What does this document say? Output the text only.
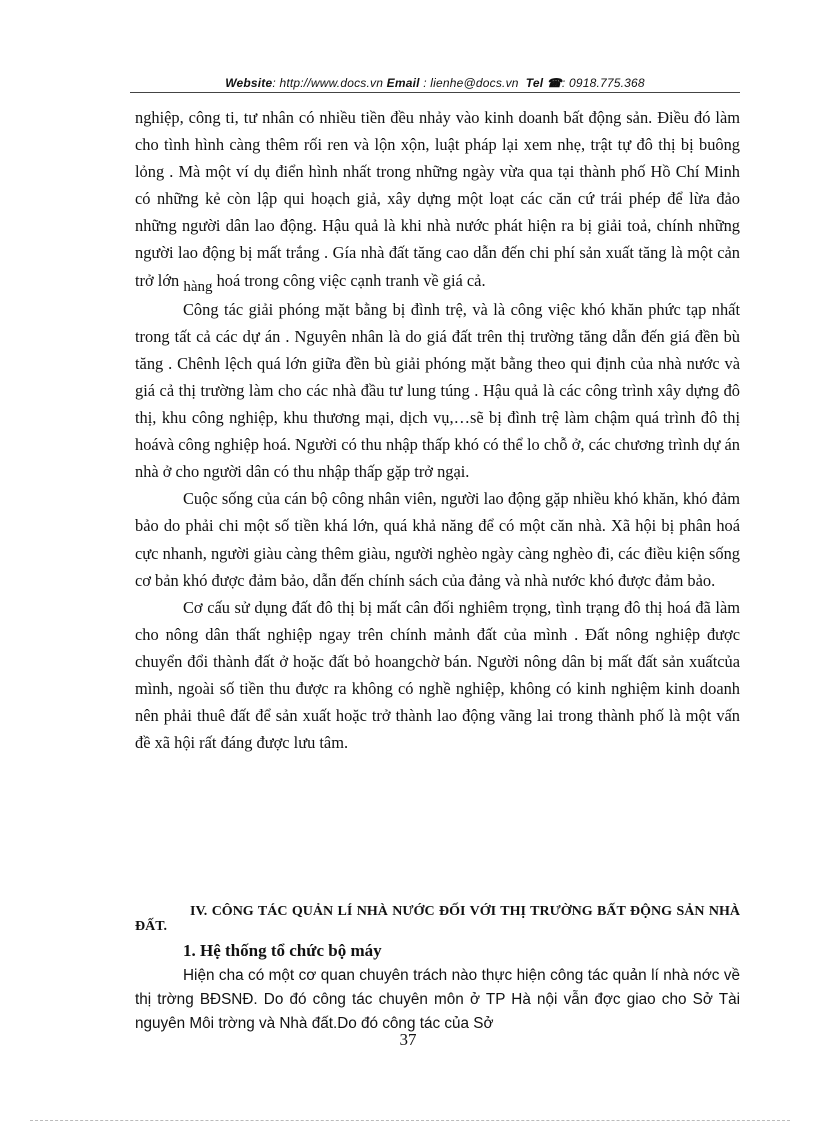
Website: http://www.docs.vn Email : lienhe@docs.vn Tel ☎: 0918.775.368

nghiệp, công ti, tư nhân có nhiều tiền đều nhảy vào kinh doanh bất động sản. Điều đó làm cho tình hình càng thêm rối ren và lộn xộn, luật pháp lại xem nhẹ, trật tự đô thị bị buông lỏng . Mà một ví dụ điển hình nhất trong những ngày vừa qua tại thành phố Hồ Chí Minh có những kẻ còn lập qui hoạch giả, xây dựng một loạt các căn cứ trái phép để lừa đảo những người dân lao động. Hậu quả là khi nhà nước phát hiện ra bị giải toả, chính những người lao động bị mất trắng . Gía nhà đất tăng cao dẫn đến chi phí sản xuất tăng là một cản trở lớn hàng hoá trong công việc cạnh tranh về giá cả.

Công tác giải phóng mặt bằng bị đình trệ, và là công việc khó khăn phức tạp nhất trong tất cả các dự án . Nguyên nhân là do giá đất trên thị trường tăng dẫn đến giá đền bù tăng . Chênh lệch quá lớn giữa đền bù giải phóng mặt bằng theo qui định của nhà nước và giá cả thị trường làm cho các nhà đầu tư lung túng . Hậu quả là các công trình xây dựng đô thị, khu công nghiệp, khu thương mại, dịch vụ,…sẽ bị đình trệ làm chậm quá trình đô thị hoávà công nghiệp hoá. Người có thu nhập thấp khó có thể lo chỗ ở, các chương trình dự án nhà ở cho người dân có thu nhập thấp gặp trở ngại.

Cuộc sống của cán bộ công nhân viên, người lao động gặp nhiều khó khăn, khó đảm bảo do phải chi một số tiền khá lớn, quá khả năng để có một căn nhà. Xã hội bị phân hoá cực nhanh, người giàu càng thêm giàu, người nghèo ngày càng nghèo đi, các điều kiện sống cơ bản khó được đảm bảo, dẫn đến chính sách của đảng và nhà nước khó được đảm bảo.

Cơ cấu sử dụng đất đô thị bị mất cân đối nghiêm trọng, tình trạng đô thị hoá đã làm cho nông dân thất nghiệp ngay trên chính mảnh đất của mình . Đất nông nghiệp được chuyển đổi thành đất ở hoặc đất bỏ hoangchờ bán. Người nông dân bị mất đất sản xuấtcủa mình, ngoài số tiền thu được ra không có nghề nghiệp, không có kinh nghiệm kinh doanh nên phải thuê đất để sản xuất hoặc trở thành lao động vãng lai trong thành phố là một vấn đề xã hội rất đáng được lưu tâm.

IV. CÔNG TÁC QUẢN LÍ NHÀ NƯỚC ĐỐI VỚI THỊ TRƯỜNG BẤT ĐỘNG SẢN NHÀ ĐẤT.

1. Hệ thống tổ chức bộ máy

Hiện cha có một cơ quan chuyên trách nào thực hiện công tác quản lí nhà nớc về thị trờng BĐSNĐ. Do đó công tác chuyên môn ở TP Hà nội vẫn đợc giao cho Sở Tài nguyên Môi trờng và Nhà đất.Do đó công tác của Sở

37
